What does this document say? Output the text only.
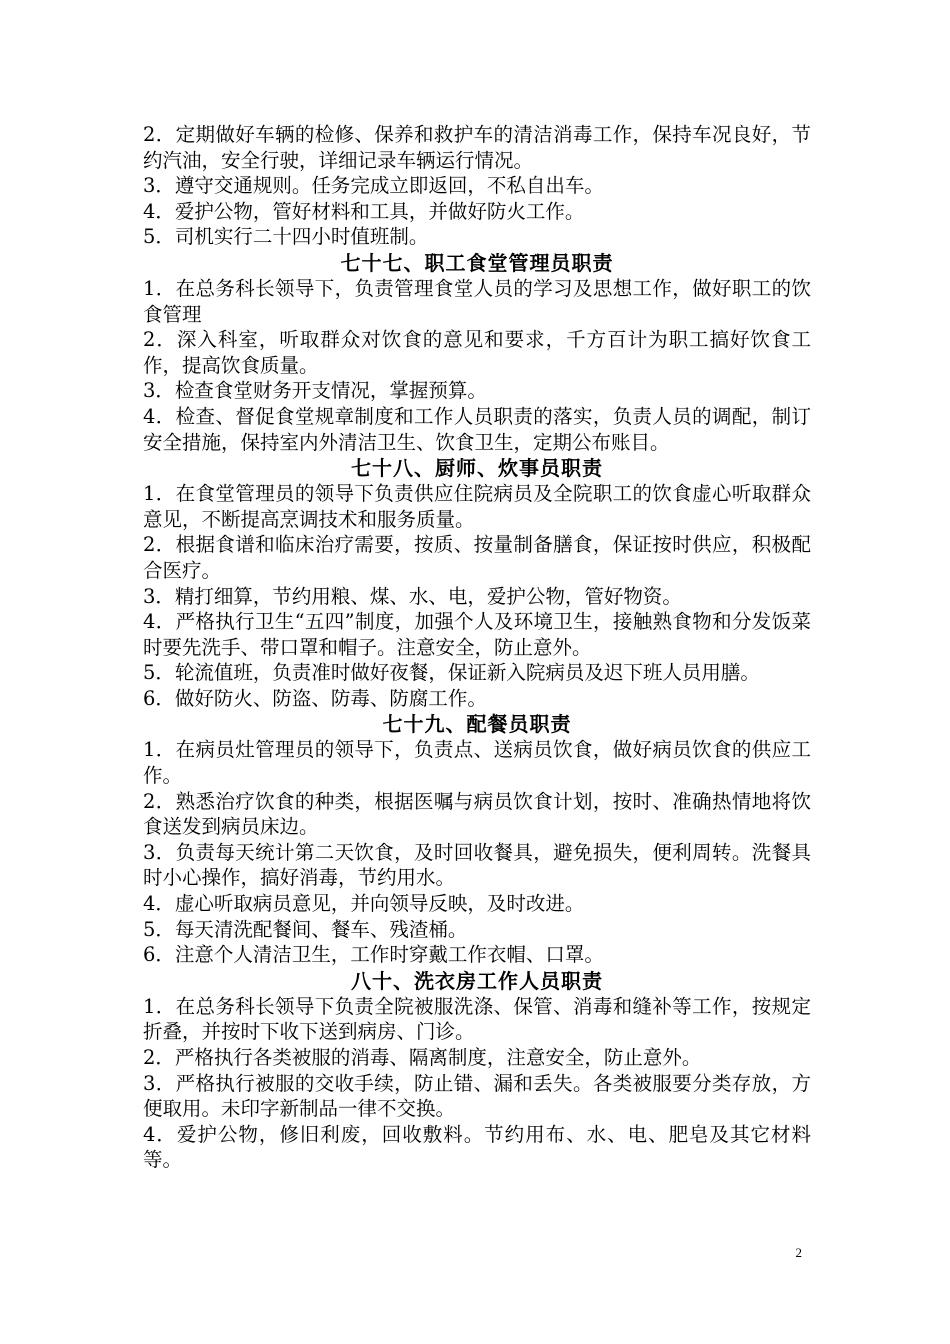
2．定期做好车辆的检修、保养和救护车的清洁消毒工作，保持车况良好，节约汽油，安全行驶，详细记录车辆运行情况。

3．遵守交通规则。任务完成立即返回，不私自出车。

4．爱护公物，管好材料和工具，并做好防火工作。

5．司机实行二十四小时值班制。

七十七、职工食堂管理员职责

1．在总务科长领导下，负责管理食堂人员的学习及思想工作，做好职工的饮食管理

2．深入科室，听取群众对饮食的意见和要求，千方百计为职工搞好饮食工作，提高饮食质量。

3．检查食堂财务开支情况，掌握预算。

4．检查、督促食堂规章制度和工作人员职责的落实，负责人员的调配，制订安全措施，保持室内外清洁卫生、饮食卫生，定期公布账目。

七十八、厨师、炊事员职责

1．在食堂管理员的领导下负责供应住院病员及全院职工的饮食虚心听取群众意见，不断提高烹调技术和服务质量。

2．根据食谱和临床治疗需要，按质、按量制备膳食，保证按时供应，积极配合医疗。

3．精打细算，节约用粮、煤、水、电，爱护公物，管好物资。

4．严格执行卫生“五四”制度，加强个人及环境卫生，接触熟食物和分发饭菜时要先洗手、带口罩和帽子。注意安全，防止意外。

5．轮流值班，负责准时做好夜餐，保证新入院病员及迟下班人员用膳。

6．做好防火、防盗、防毒、防腐工作。

七十九、配餐员职责

1．在病员灶管理员的领导下，负责点、送病员饮食，做好病员饮食的供应工作。

2．熟悉治疗饮食的种类，根据医嘱与病员饮食计划，按时、准确热情地将饮食送发到病员床边。

3．负责每天统计第二天饮食，及时回收餐具，避免损失，便利周转。洗餐具时小心操作，搞好消毒，节约用水。

4．虚心听取病员意见，并向领导反映，及时改进。

5．每天清洗配餐间、餐车、残渣桶。

6．注意个人清洁卫生，工作时穿戴工作衣帽、口罩。

八十、洗衣房工作人员职责

1．在总务科长领导下负责全院被服洗涤、保管、消毒和缝补等工作，按规定折叠，并按时下收下送到病房、门诊。

2．严格执行各类被服的消毒、隔离制度，注意安全，防止意外。

3．严格执行被服的交收手续，防止错、漏和丢失。各类被服要分类存放，方便取用。未印字新制品一律不交换。

4．爱护公物，修旧利废，回收敷料。节约用布、水、电、肥皂及其它材料等。

2
